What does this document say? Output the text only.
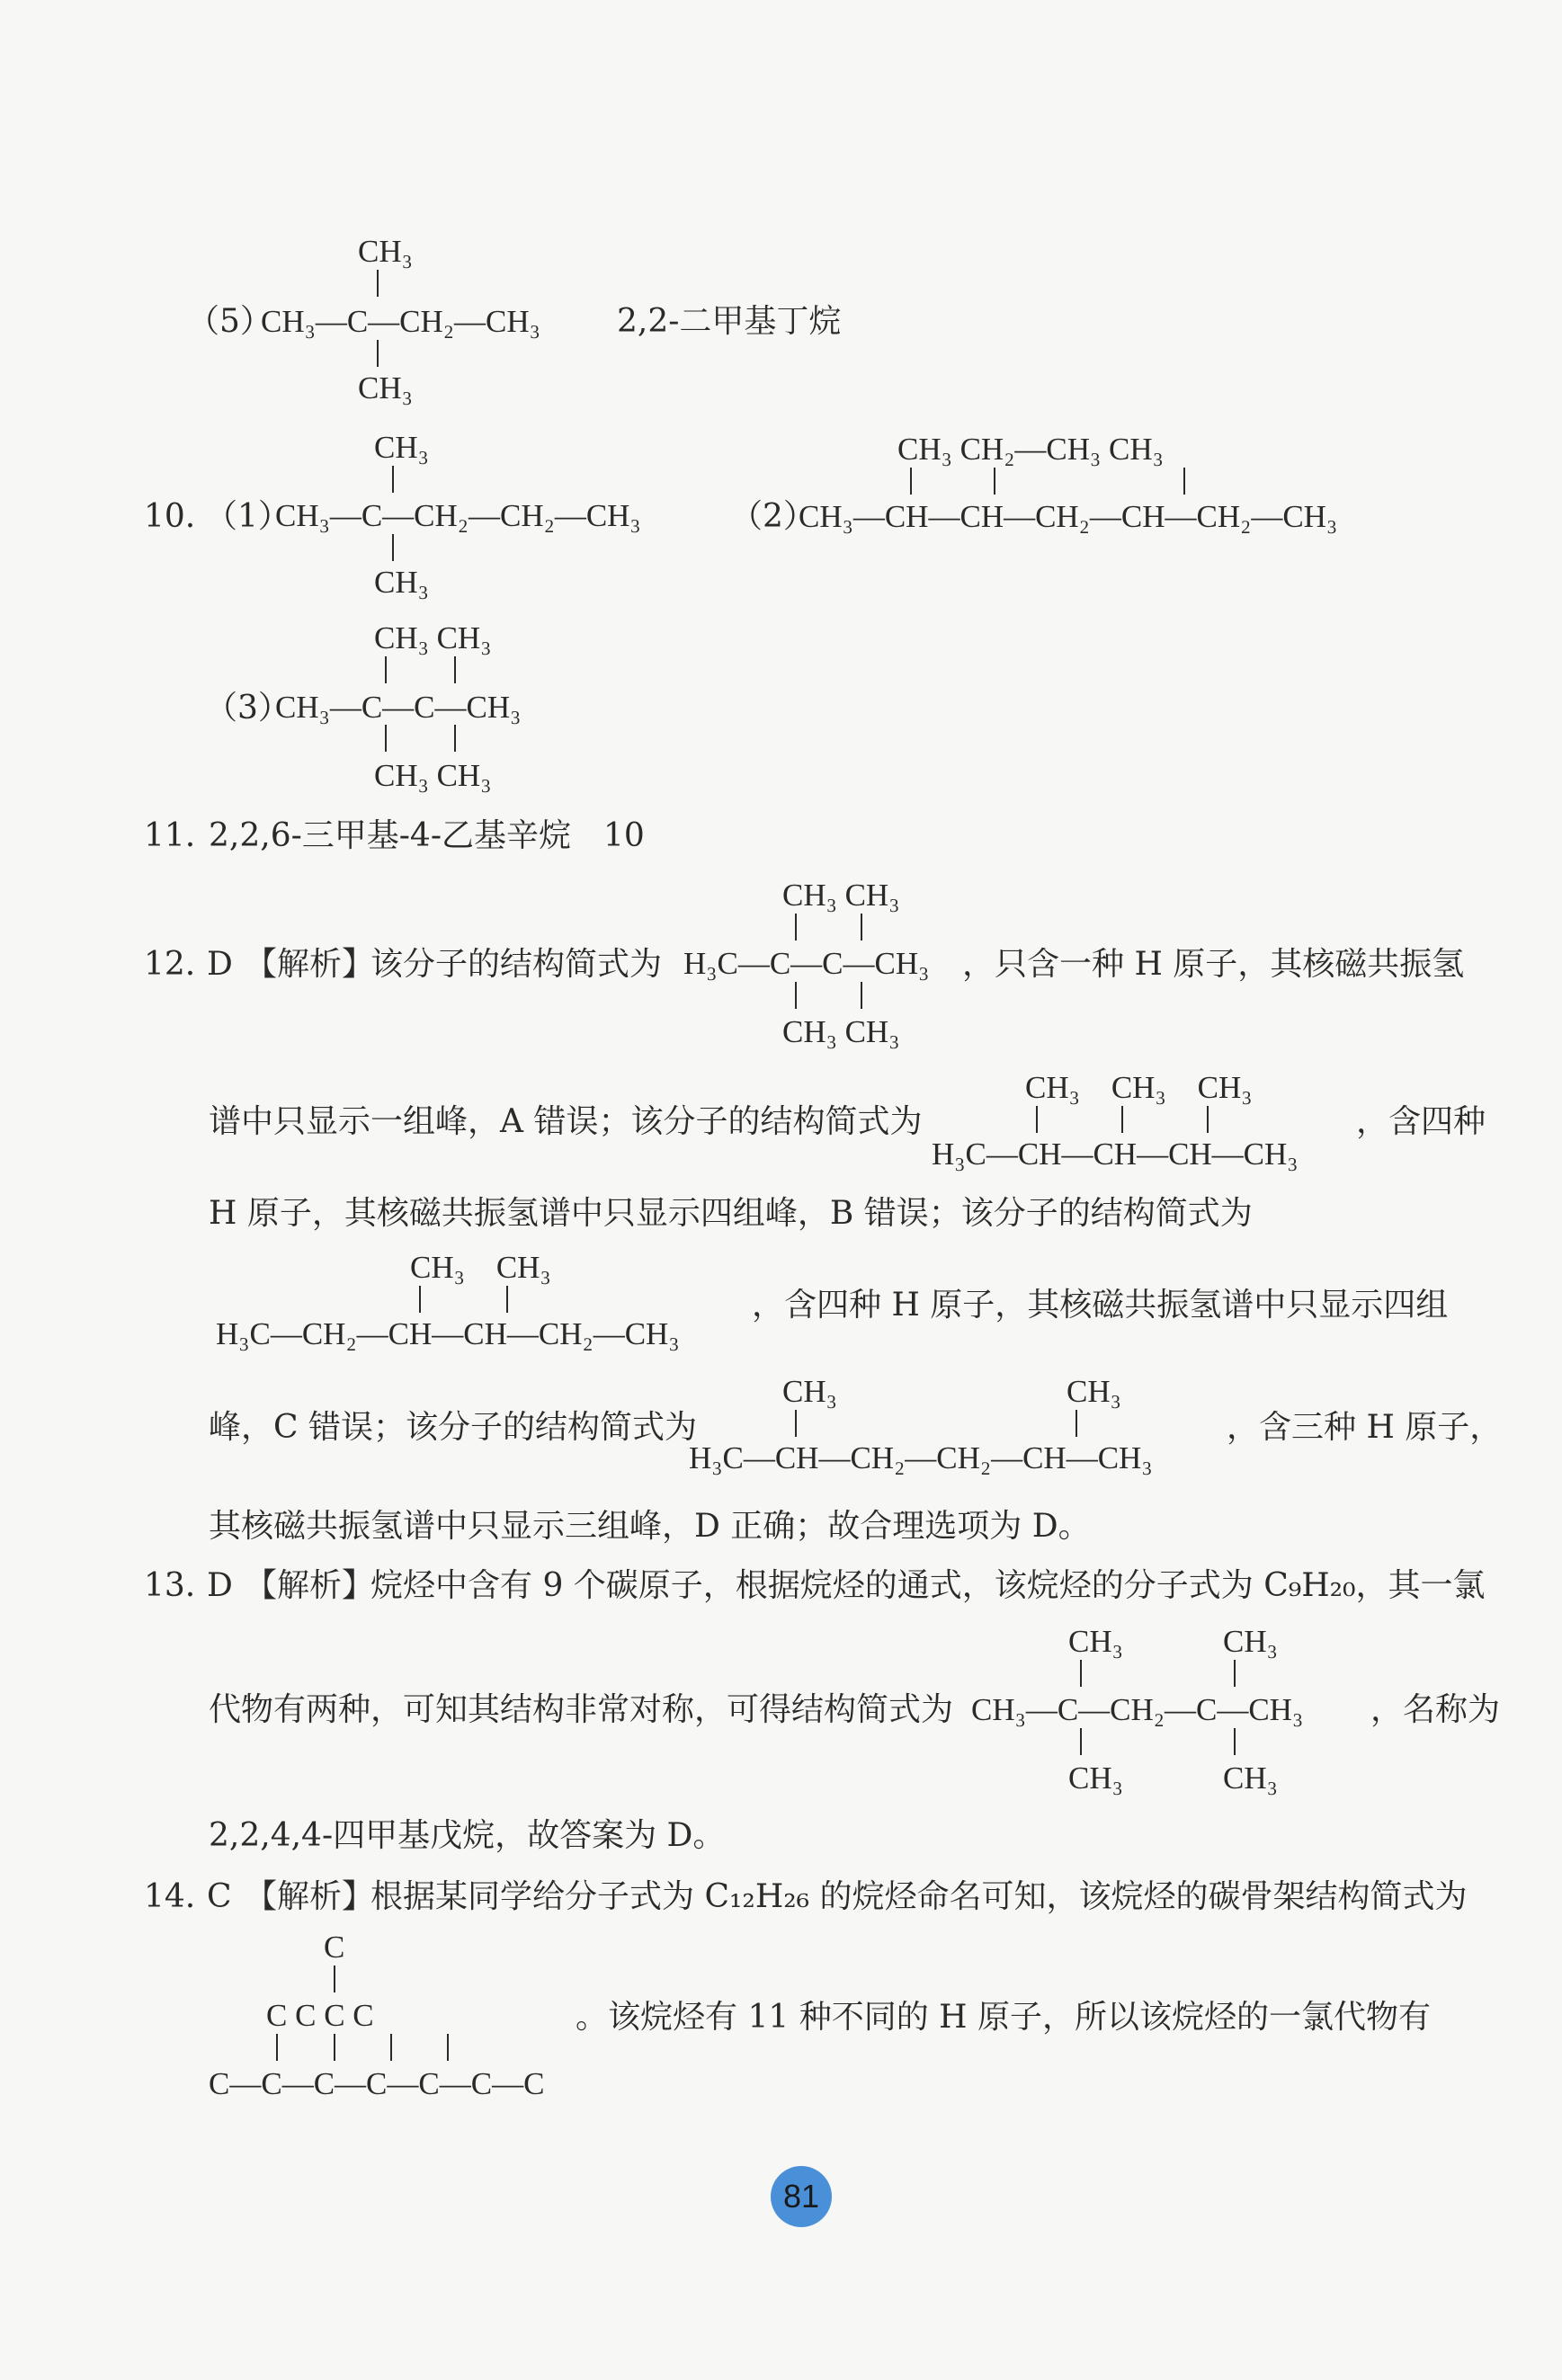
CH₃
（5）
CH₃—C—CH₂—CH₃
CH₃
2,2-二甲基丁烷
10. （1）
CH₃
CH₃—C—CH₂—CH₂—CH₃
CH₃
（2）
CH₃ CH₂—CH₃ CH₃
CH₃—CH—CH—CH₂—CH—CH₂—CH₃
CH₃ CH₃
（3）
CH₃—C—C—CH₃
CH₃ CH₃
11. 2,2,6-三甲基-4-乙基辛烷　10
12. D 【解析】
该分子的结构简式为
CH₃ CH₃
H₃C—C—C—CH₃
CH₃ CH₃
，只含一种 H 原子，其核磁共振氢
谱中只显示一组峰，A 错误；该分子的结构简式为
CH₃　CH₃　CH₃
H₃C—CH—CH—CH—CH₃
，含四种
H 原子，其核磁共振氢谱中只显示四组峰，B 错误；该分子的结构简式为
CH₃　CH₃
H₃C—CH₂—CH—CH—CH₂—CH₃
，含四种 H 原子，其核磁共振氢谱中只显示四组
峰，C 错误；该分子的结构简式为
CH₃	CH₃
H₃C—CH—CH₂—CH₂—CH—CH₃
，含三种 H 原子，
其核磁共振氢谱中只显示三组峰，D 正确；故合理选项为 D。
13. D 【解析】
烷烃中含有 9 个碳原子，根据烷烃的通式，该烷烃的分子式为 C₉H₂₀，其一氯
CH₃	CH₃
代物有两种，可知其结构非常对称，可得结构简式为 CH₃—C—CH₂—C—CH₃ ，名称为
CH₃	CH₃
2,2,4,4-四甲基戊烷，故答案为 D。
14. C 【解析】
根据某同学给分子式为 C₁₂H₂₆ 的烷烃命名可知，该烷烃的碳骨架结构简式为
C
C C C C
C—C—C—C—C—C—C
。该烷烃有 11 种不同的 H 原子，所以该烷烃的一氯代物有
81
